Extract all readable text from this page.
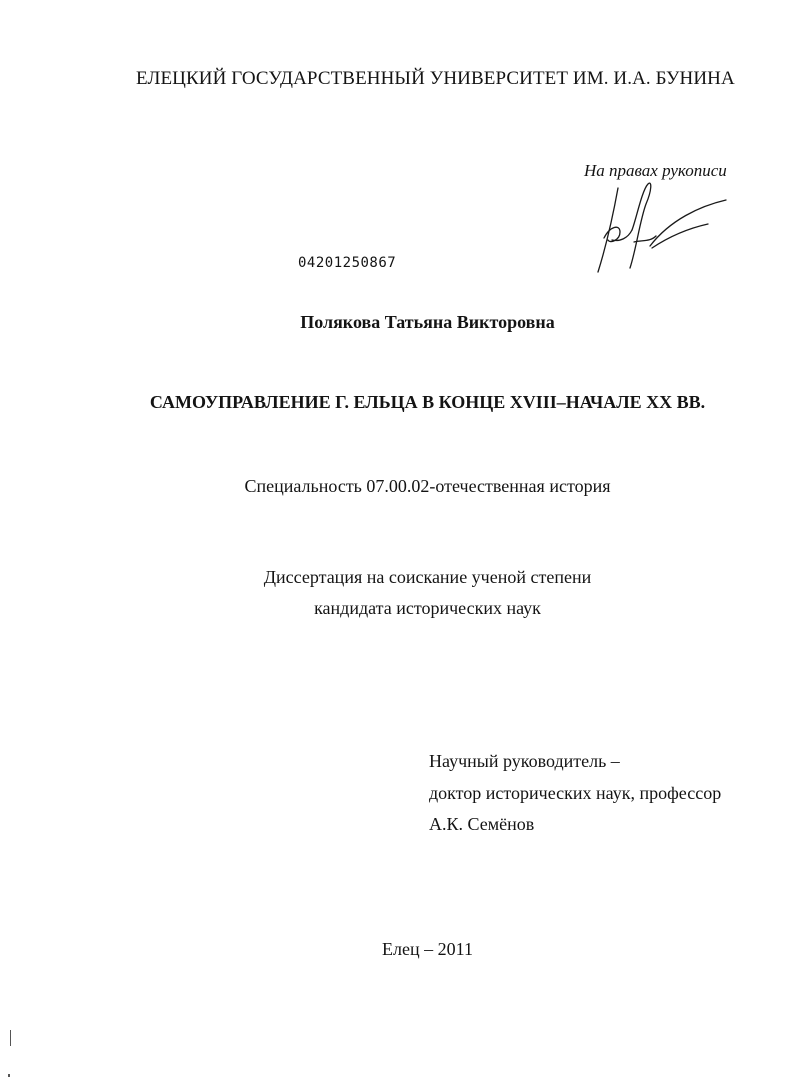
ЕЛЕЦКИЙ ГОСУДАРСТВЕННЫЙ УНИВЕРСИТЕТ ИМ. И.А. БУНИНА
На правах рукописи
04201250867
Полякова Татьяна Викторовна
САМОУПРАВЛЕНИЕ Г. ЕЛЬЦА В КОНЦЕ XVIII–НАЧАЛЕ XX ВВ.
Специальность 07.00.02-отечественная история
Диссертация на соискание ученой степени
кандидата исторических наук
Научный руководитель –
доктор исторических наук, профессор
А.К. Семёнов
Елец – 2011
